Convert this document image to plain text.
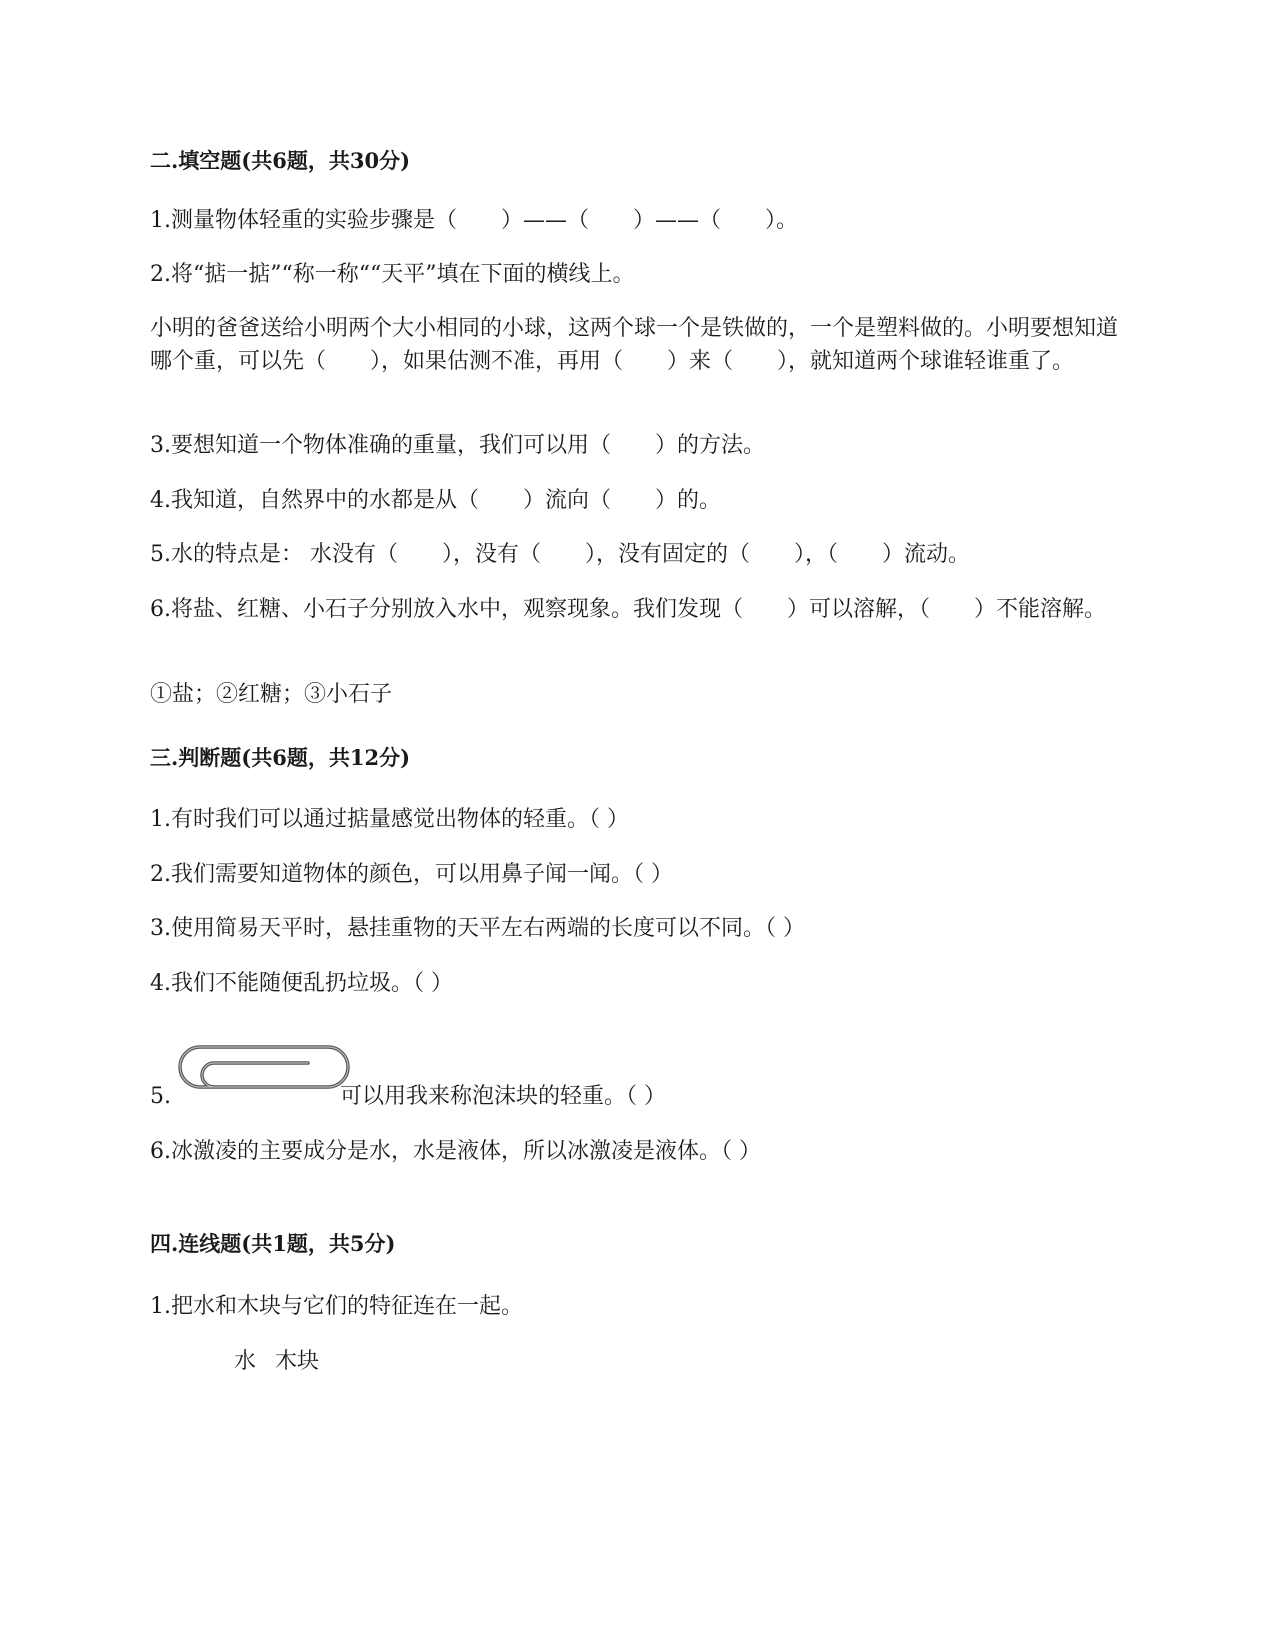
二.填空题(共6题，共30分)
1.测量物体轻重的实验步骤是（　　）——（　　）——（　　）。
2.将“掂一掂”“称一称““天平”填在下面的横线上。
小明的爸爸送给小明两个大小相同的小球，这两个球一个是铁做的，一个是塑料做的。小明要想知道哪个重，可以先（　　），如果估测不准，再用（　　）来（　　），就知道两个球谁轻谁重了。
3.要想知道一个物体准确的重量，我们可以用（　　）的方法。
4.我知道，自然界中的水都是从（　　）流向（　　）的。
5.水的特点是： 水没有（　　），没有（　　），没有固定的（　　），（　　）流动。
6.将盐、红糖、小石子分别放入水中，观察现象。我们发现（　　）可以溶解，（　　）不能溶解。
①盐；②红糖；③小石子
三.判断题(共6题，共12分)
1.有时我们可以通过掂量感觉出物体的轻重。（ ）
2.我们需要知道物体的颜色，可以用鼻子闻一闻。（ ）
3.使用简易天平时，悬挂重物的天平左右两端的长度可以不同。（ ）
4.我们不能随便乱扔垃圾。（ ）
5.	可以用我来称泡沫块的轻重。（ ）
6.冰激凌的主要成分是水，水是液体，所以冰激凌是液体。（ ）
四.连线题(共1题，共5分)
1.把水和木块与它们的特征连在一起。
水 木块
